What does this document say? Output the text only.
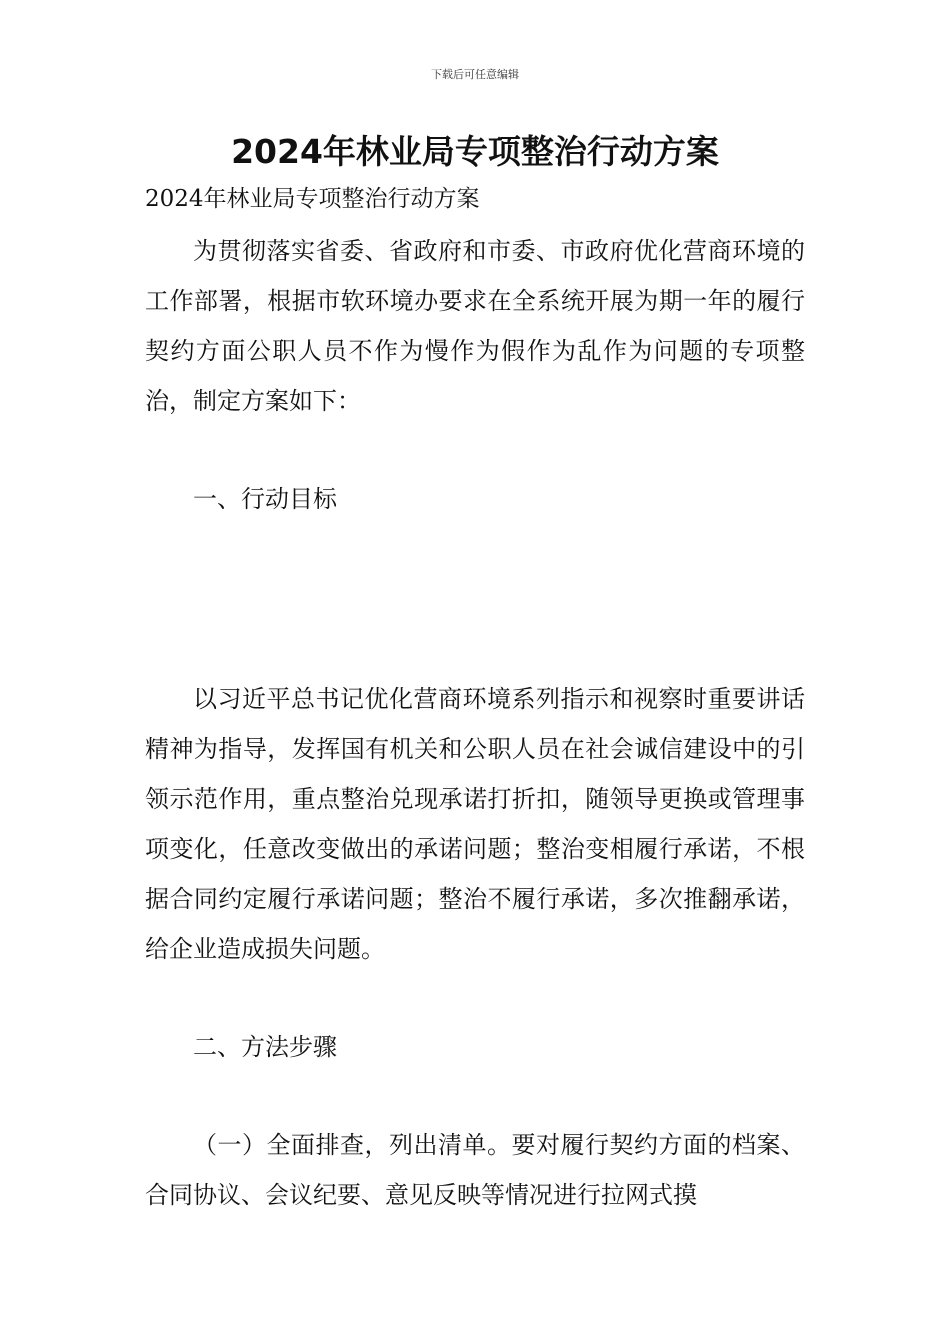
下载后可任意编辑
2024年林业局专项整治行动方案
2024年林业局专项整治行动方案

为贯彻落实省委、省政府和市委、市政府优化营商环境的工作部署，根据市软环境办要求在全系统开展为期一年的履行契约方面公职人员不作为慢作为假作为乱作为问题的专项整治，制定方案如下：

一、行动目标

以习近平总书记优化营商环境系列指示和视察时重要讲话精神为指导，发挥国有机关和公职人员在社会诚信建设中的引领示范作用，重点整治兑现承诺打折扣，随领导更换或管理事项变化，任意改变做出的承诺问题；整治变相履行承诺，不根据合同约定履行承诺问题；整治不履行承诺，多次推翻承诺，给企业造成损失问题。

二、方法步骤

（一）全面排查，列出清单。要对履行契约方面的档案、合同协议、会议纪要、意见反映等情况进行拉网式摸
